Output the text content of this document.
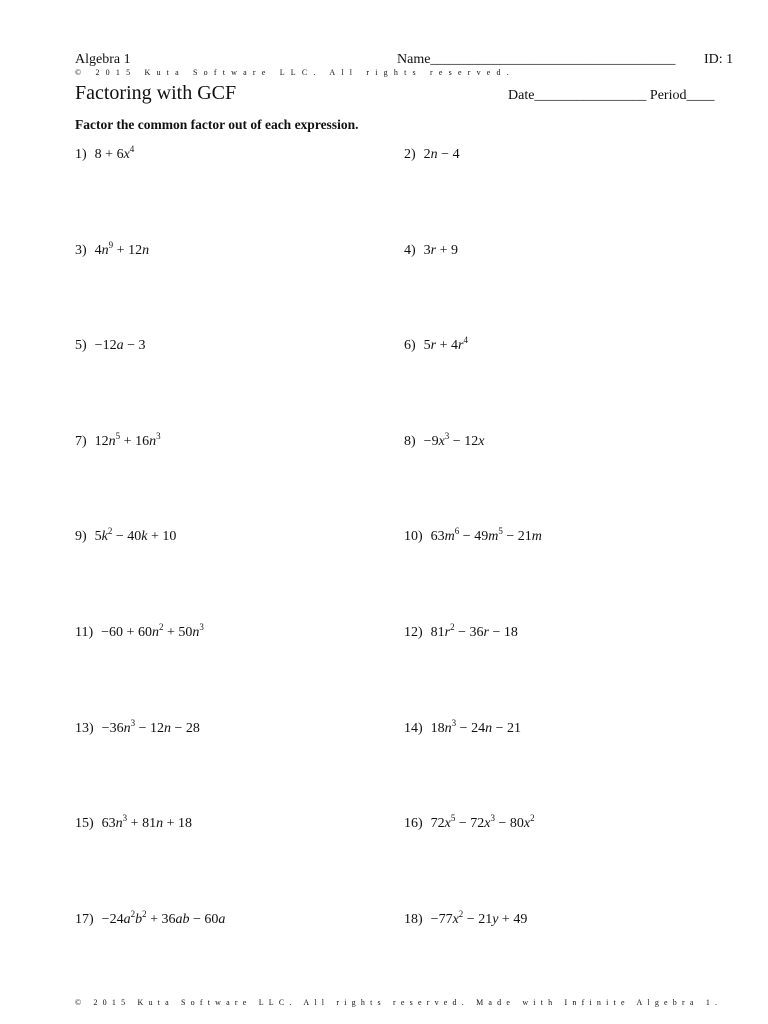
Algebra 1	Name___________________________________ ID: 1
© 2015 Kuta Software LLC. All rights reserved.
Factoring with GCF	Date________________ Period____
Factor the common factor out of each expression.
1) $8 + 6x^4$	2) 2n − 4
3) $4n^9 + 12n$	4) 3r + 9
5) −12a − 3	6) $5r + 4r^4$
7) $12n^5 + 16n^3$	$8) -9x^3 - 12x$
9) $5k^2 - 40k + 10$	10) $63m^6 - 49m^5 - 21m$
$11) -60 + 60n^2 + 50n^3$	12) $81r^2 - 36r - 18$
$13) -36n^3 - 12n - 28$	14) $18n^3 - 24n - 21$
15) $63n^3 + 81n + 18$	16) $72x^5 - 72x^3 - 80x^2$
$17) -24a^2b^2 + 36ab - 60a$	$18) -77x^2 - 21y + 49$
© 2015 Kuta Software LLC. All rights reserved. Made with Infinite Algebra 1.
